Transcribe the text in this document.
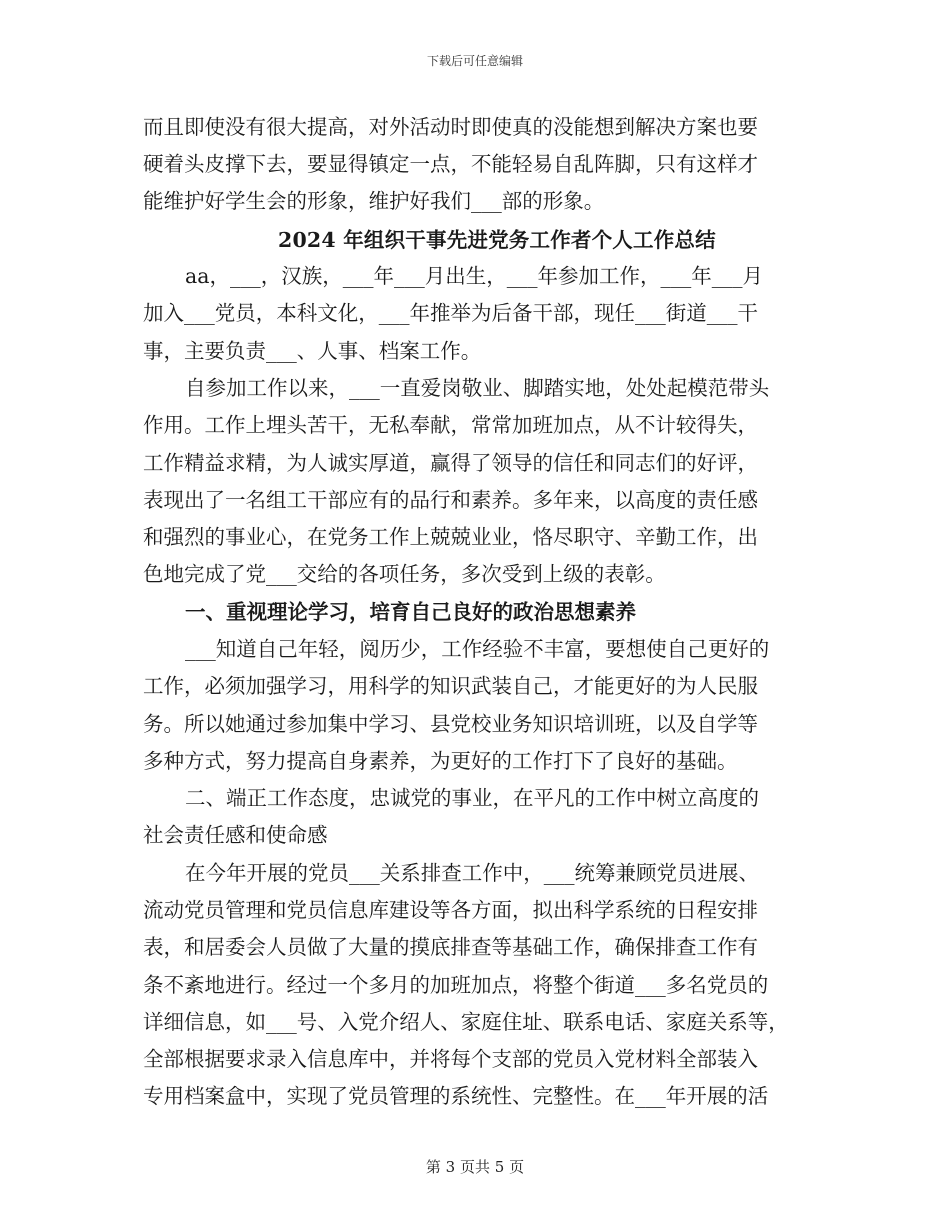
下载后可任意编辑
而且即使没有很大提高，对外活动时即使真的没能想到解决方案也要
硬着头皮撑下去，要显得镇定一点，不能轻易自乱阵脚，只有这样才
能维护好学生会的形象，维护好我们___部的形象。
2024 年组织干事先进党务工作者个人工作总结
aa，___，汉族，___年___月出生，___年参加工作，___年___月
加入___党员，本科文化，___年推举为后备干部，现任___街道___干
事，主要负责___、人事、档案工作。
自参加工作以来，___一直爱岗敬业、脚踏实地，处处起模范带头
作用。工作上埋头苦干，无私奉献，常常加班加点，从不计较得失，
工作精益求精，为人诚实厚道，赢得了领导的信任和同志们的好评，
表现出了一名组工干部应有的品行和素养。多年来，以高度的责任感
和强烈的事业心，在党务工作上兢兢业业，恪尽职守、辛勤工作，出
色地完成了党___交给的各项任务，多次受到上级的表彰。
一、重视理论学习，培育自己良好的政治思想素养
___知道自己年轻，阅历少，工作经验不丰富，要想使自己更好的
工作，必须加强学习，用科学的知识武装自己，才能更好的为人民服
务。所以她通过参加集中学习、县党校业务知识培训班，以及自学等
多种方式，努力提高自身素养，为更好的工作打下了良好的基础。
二、端正工作态度，忠诚党的事业，在平凡的工作中树立高度的
社会责任感和使命感
在今年开展的党员___关系排查工作中，___统筹兼顾党员进展、
流动党员管理和党员信息库建设等各方面，拟出科学系统的日程安排
表，和居委会人员做了大量的摸底排查等基础工作，确保排查工作有
条不紊地进行。经过一个多月的加班加点，将整个街道___多名党员的
详细信息，如___号、入党介绍人、家庭住址、联系电话、家庭关系等，
全部根据要求录入信息库中，并将每个支部的党员入党材料全部装入
专用档案盒中，实现了党员管理的系统性、完整性。在___年开展的活
第 3 页共 5 页
